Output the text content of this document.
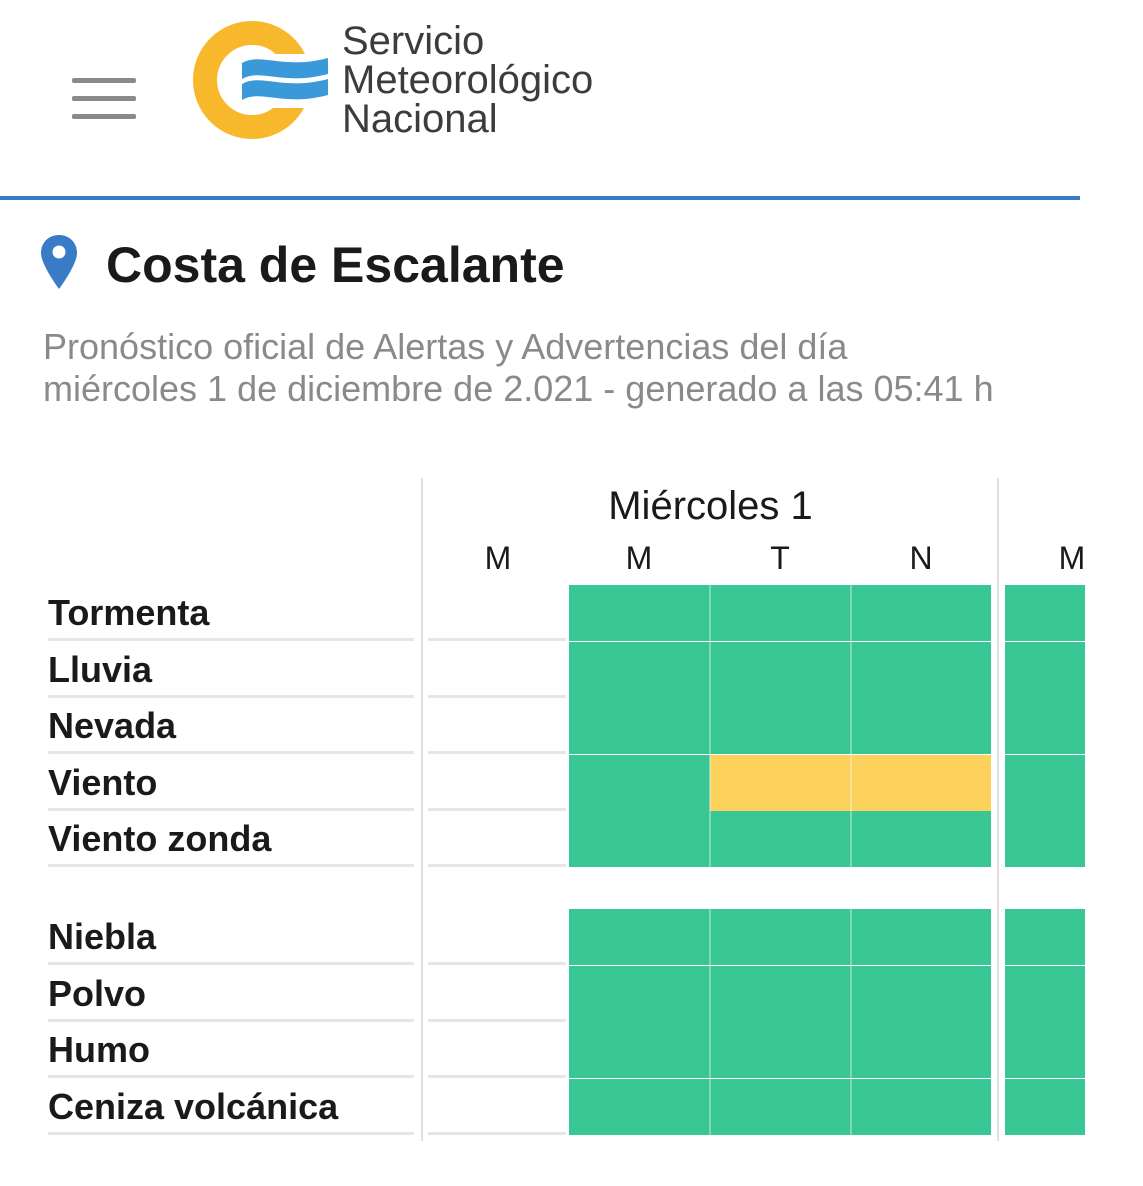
Servicio
Meteorológico
Nacional
Costa de Escalante
Pronóstico oficial de Alertas y Advertencias del día
miércoles 1 de diciembre de 2.021 - generado a las 05:41 h
Miércoles 1
M	M	T	N	M
Tormenta
Lluvia
Nevada
Viento
Viento zonda
Niebla
Polvo
Humo
Ceniza volcánica
